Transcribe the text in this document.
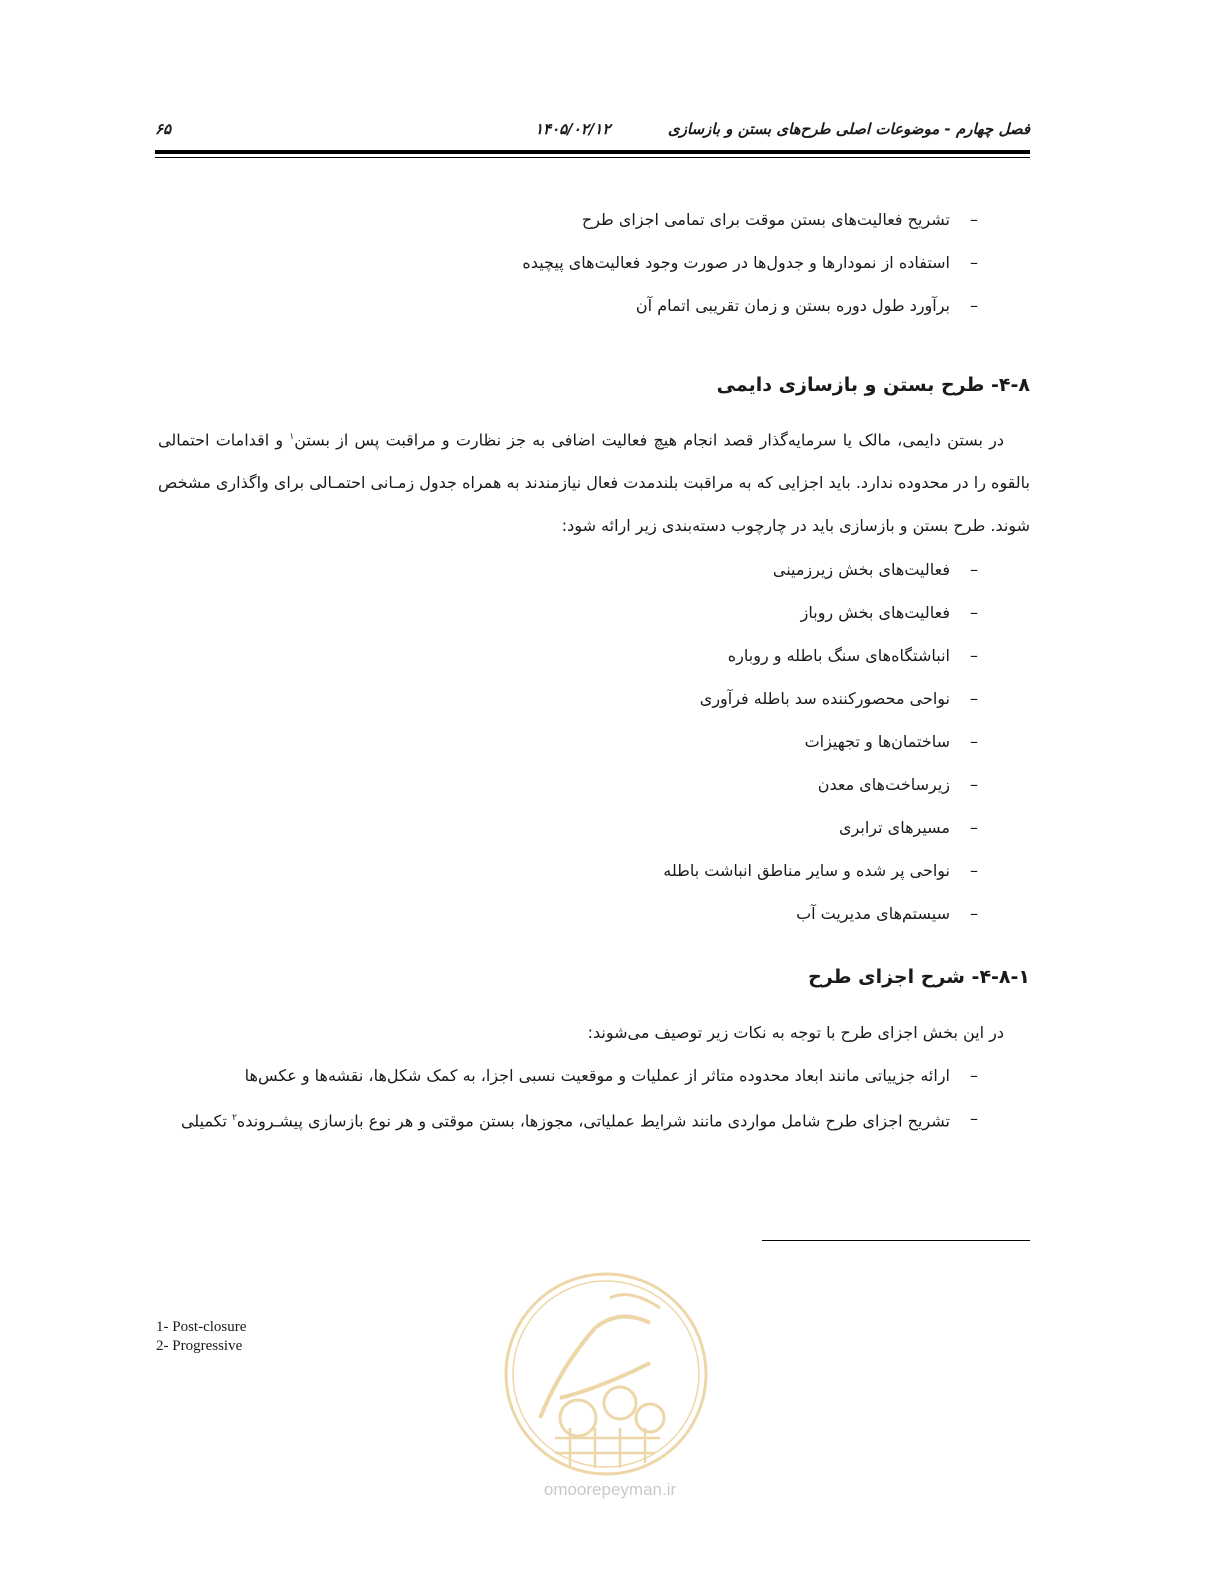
فصل چهارم - موضوعات اصلی طرح‌های بستن و بازسازی
۱۴۰۵/۰۲/۱۲
۶۵
–
تشریح فعالیت‌های بستن موقت برای تمامی اجزای طرح
–
استفاده از نمودارها و جدول‌ها در صورت وجود فعالیت‌های پیچیده
–
برآورد طول دوره بستن و زمان تقریبی اتمام آن
۴-۸- طرح بستن و بازسازی دایمی

در بستن دایمی، مالک یا سرمایه‌گذار قصد انجام هیچ فعالیت اضافی به جز نظارت و مراقبت پس از بستن$^۱$ و اقدامات احتمالی بالقوه را در محدوده ندارد. باید اجزایی که به مراقبت بلندمدت فعال نیازمندند به همراه جدول زمـانی احتمـالی برای واگذاری مشخص شوند. طرح بستن و بازسازی باید در چارچوب دسته‌بندی زیر ارائه شود:

–
فعالیت‌های بخش زیرزمینی
–
فعالیت‌های بخش روباز
–
انباشتگاه‌های سنگ باطله و روباره
–
نواحی محصورکننده سد باطله فرآوری
–
ساختمان‌ها و تجهیزات
–
زیرساخت‌های معدن
–
مسیرهای ترابری
–
نواحی پر شده و سایر مناطق انباشت باطله
–
سیستم‌های مدیریت آب
۴-۸-۱- شرح اجزای طرح

در این بخش اجزای طرح با توجه به نکات زیر توصیف می‌شوند:

–
ارائه جزییاتی مانند ابعاد محدوده متاثر از عملیات و موقعیت نسبی اجزا، به کمک شکل‌ها، نقشه‌ها و عکس‌ها
–
تشریح اجزای طرح شامل مواردی مانند شرایط عملیاتی، مجوزها، بستن موقتی و هر نوع بازسازی پیشـرونده$^۲$ تکمیلی
1- Post-closure
2- Progressive
omoorepeyman.ir
